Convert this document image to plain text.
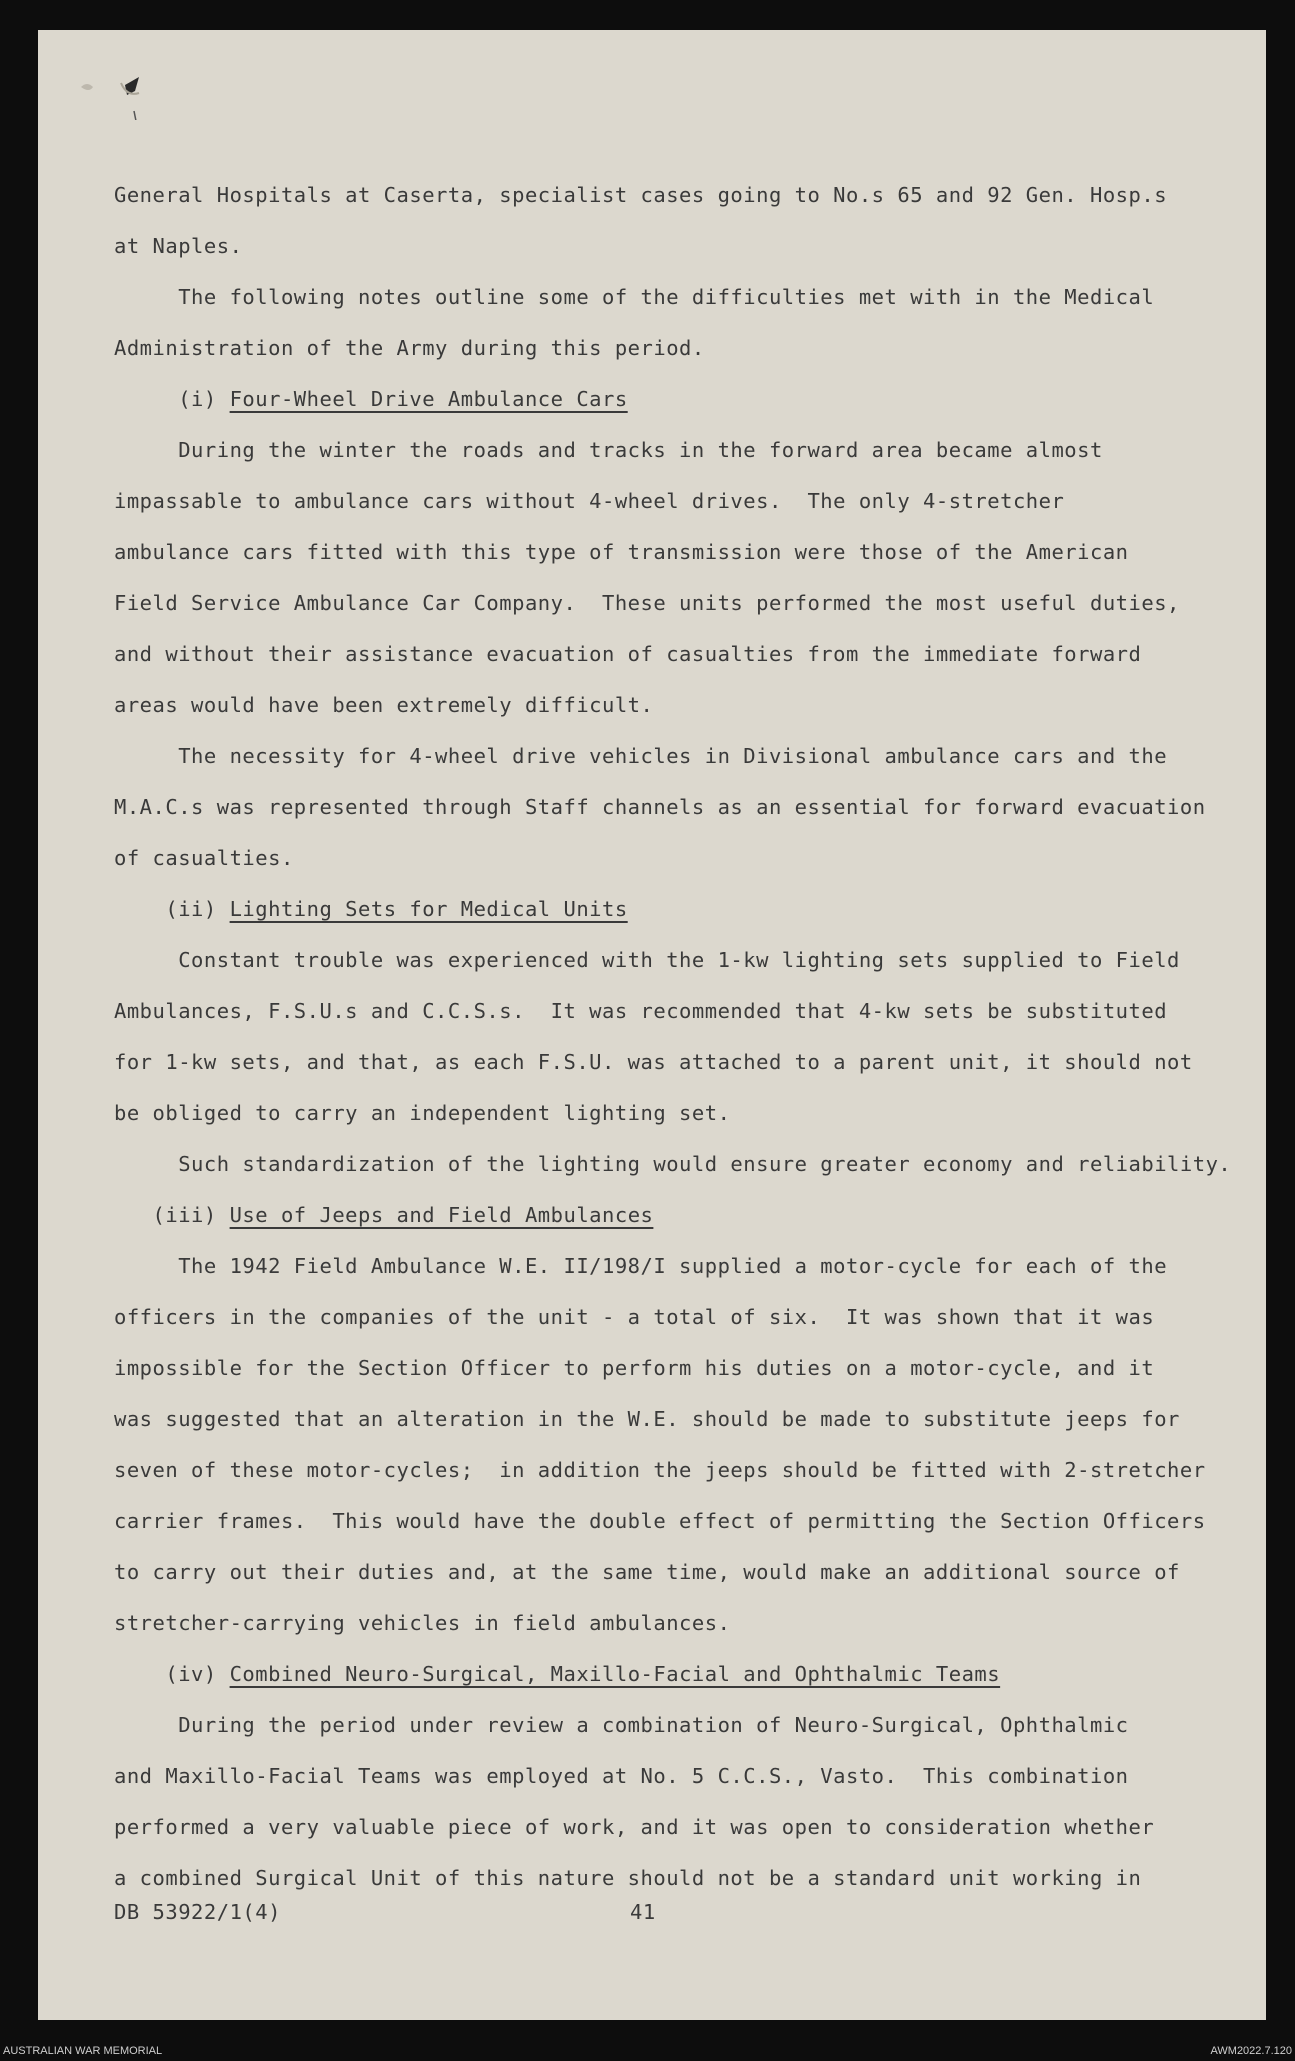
General Hospitals at Caserta, specialist cases going to No.s 65 and 92 Gen. Hosp.s
at Naples.
The following notes outline some of the difficulties met with in the Medical
Administration of the Army during this period.
(i) Four-Wheel Drive Ambulance Cars
During the winter the roads and tracks in the forward area became almost
impassable to ambulance cars without 4-wheel drives.  The only 4-stretcher
ambulance cars fitted with this type of transmission were those of the American
Field Service Ambulance Car Company.  These units performed the most useful duties,
and without their assistance evacuation of casualties from the immediate forward
areas would have been extremely difficult.
The necessity for 4-wheel drive vehicles in Divisional ambulance cars and the
M.A.C.s was represented through Staff channels as an essential for forward evacuation
of casualties.
(ii) Lighting Sets for Medical Units
Constant trouble was experienced with the 1-kw lighting sets supplied to Field
Ambulances, F.S.U.s and C.C.S.s.  It was recommended that 4-kw sets be substituted
for 1-kw sets, and that, as each F.S.U. was attached to a parent unit, it should not
be obliged to carry an independent lighting set.
Such standardization of the lighting would ensure greater economy and reliability.
(iii) Use of Jeeps and Field Ambulances
The 1942 Field Ambulance W.E. II/198/I supplied a motor-cycle for each of the
officers in the companies of the unit - a total of six.  It was shown that it was
impossible for the Section Officer to perform his duties on a motor-cycle, and it
was suggested that an alteration in the W.E. should be made to substitute jeeps for
seven of these motor-cycles;  in addition the jeeps should be fitted with 2-stretcher
carrier frames.  This would have the double effect of permitting the Section Officers
to carry out their duties and, at the same time, would make an additional source of
stretcher-carrying vehicles in field ambulances.
(iv) Combined Neuro-Surgical, Maxillo-Facial and Ophthalmic Teams
During the period under review a combination of Neuro-Surgical, Ophthalmic
and Maxillo-Facial Teams was employed at No. 5 C.C.S., Vasto.  This combination
performed a very valuable piece of work, and it was open to consideration whether
a combined Surgical Unit of this nature should not be a standard unit working in
DB 53922/1(4)	41
AUSTRALIAN WAR MEMORIAL	AWM2022.7.120
